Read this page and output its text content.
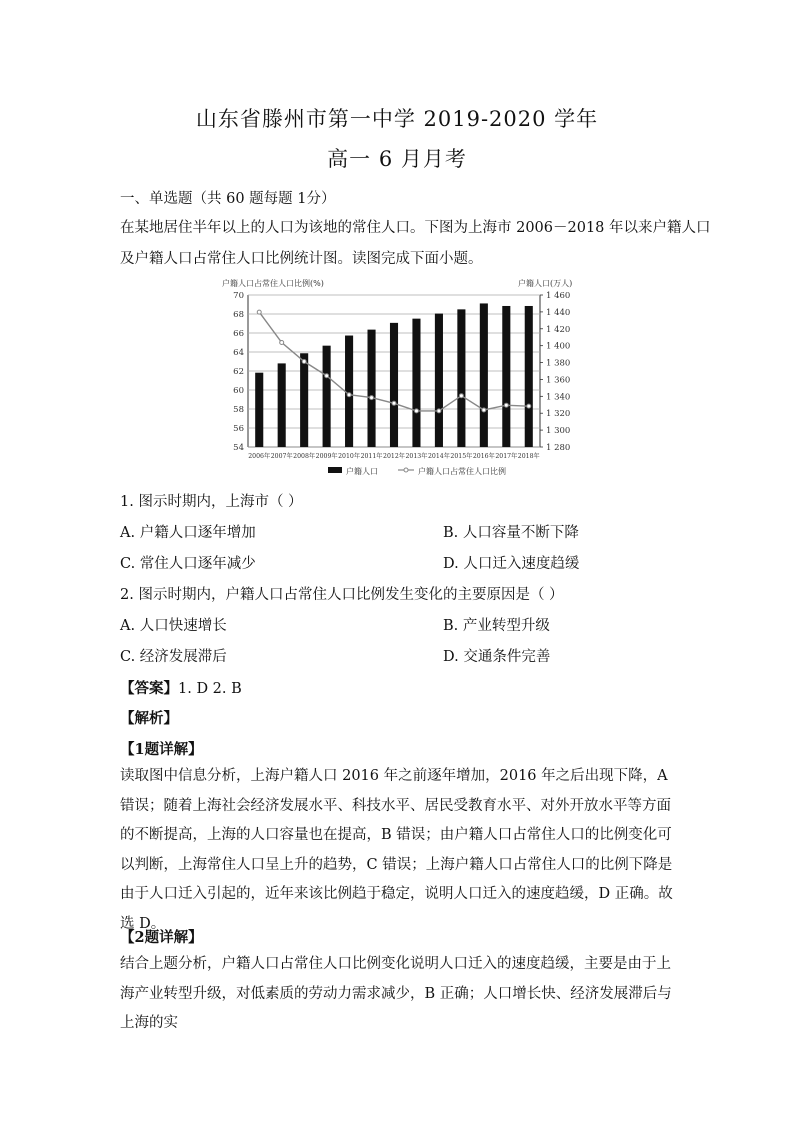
山东省滕州市第一中学 2019-2020 学年
高一 6 月月考
一、单选题（共 60 题每题 1分）
在某地居住半年以上的人口为该地的常住人口。下图为上海市 2006－2018 年以来户籍人口
及户籍人口占常住人口比例统计图。读图完成下面小题。
户籍人口占常住人口比例(%)	户籍人口(万人)
70
68
66
64
62
60
58
56
54
1 460
1 440
1 420
1 400
1 380
1 360
1 340
1 320
1 300
1 280
2006年 2007年 2008年 2009年 2010年 2011年 2012年 2013年 2014年 2015年 2016年 2017年 2018年
户籍人口	户籍人口占常住人口比例
1. 图示时期内，上海市（ ）
A. 户籍人口逐年增加	B. 人口容量不断下降
C. 常住人口逐年减少	D. 人口迁入速度趋缓
2. 图示时期内，户籍人口占常住人口比例发生变化的主要原因是（ ）
A. 人口快速增长	B. 产业转型升级
C. 经济发展滞后	D. 交通条件完善
【答案】1. D 2. B
【解析】
【1题详解】
读取图中信息分析，上海户籍人口 2016 年之前逐年增加，2016 年之后出现下降，A 错误；随着上海社会经济发展水平、科技水平、居民受教育水平、对外开放水平等方面的不断提高，上海的人口容量也在提高，B 错误；由户籍人口占常住人口的比例变化可以判断，上海常住人口呈上升的趋势，C 错误；上海户籍人口占常住人口的比例下降是由于人口迁入引起的，近年来该比例趋于稳定，说明人口迁入的速度趋缓，D 正确。故选 D。
【2题详解】
结合上题分析，户籍人口占常住人口比例变化说明人口迁入的速度趋缓，主要是由于上海产业转型升级，对低素质的劳动力需求减少，B 正确；人口增长快、经济发展滞后与上海的实
